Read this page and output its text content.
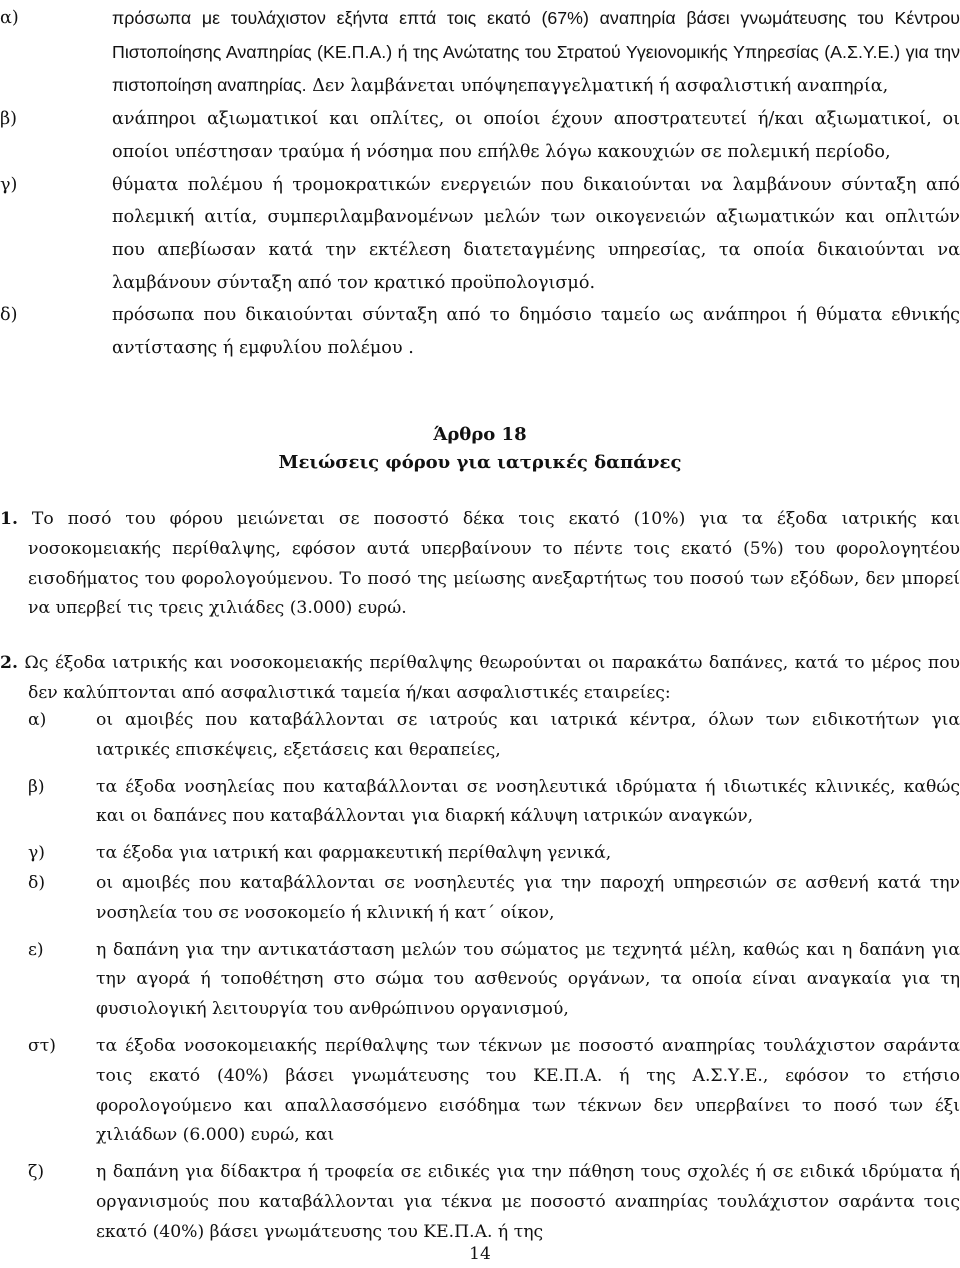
α)	πρόσωπα με τουλάχιστον εξήντα επτά τοις εκατό (67%) αναπηρία βάσει γνωμάτευσης του Κέντρου Πιστοποίησης Αναπηρίας (ΚΕ.Π.Α.) ή της Ανώτατης του Στρατού Υγειονομικής Υπηρεσίας (Α.Σ.Υ.Ε.) για την πιστοποίηση αναπηρίας. Δεν λαμβάνεται υπόψηεπαγγελματική ή ασφαλιστική αναπηρία,
β)	ανάπηροι αξιωματικοί και οπλίτες, οι οποίοι έχουν αποστρατευτεί ή/και αξιωματικοί, οι οποίοι υπέστησαν τραύμα ή νόσημα που επήλθε λόγω κακουχιών σε πολεμική περίοδο,
γ)	θύματα πολέμου ή τρομοκρατικών ενεργειών που δικαιούνται να λαμβάνουν σύνταξη από πολεμική αιτία, συμπεριλαμβανομένων μελών των οικογενειών αξιωματικών και οπλιτών που απεβίωσαν κατά την εκτέλεση διατεταγμένης υπηρεσίας, τα οποία δικαιούνται να λαμβάνουν σύνταξη από τον κρατικό προϋπολογισμό.
δ)	πρόσωπα που δικαιούνται σύνταξη από το δημόσιο ταμείο ως ανάπηροι ή θύματα εθνικής αντίστασης ή εμφυλίου πολέμου .
Άρθρο 18
Μειώσεις φόρου για ιατρικές δαπάνες
1. Το ποσό του φόρου μειώνεται σε ποσοστό δέκα τοις εκατό (10%) για τα έξοδα ιατρικής και νοσοκομειακής περίθαλψης, εφόσον αυτά υπερβαίνουν το πέντε τοις εκατό (5%) του φορολογητέου εισοδήματος του φορολογούμενου. Το ποσό της μείωσης ανεξαρτήτως του ποσού των εξόδων, δεν μπορεί να υπερβεί τις τρεις χιλιάδες (3.000) ευρώ.
2. Ως έξοδα ιατρικής και νοσοκομειακής περίθαλψης θεωρούνται οι παρακάτω δαπάνες, κατά το μέρος που δεν καλύπτονται από ασφαλιστικά ταμεία ή/και ασφαλιστικές εταιρείες:
α)	οι αμοιβές που καταβάλλονται σε ιατρούς και ιατρικά κέντρα, όλων των ειδικοτήτων για ιατρικές επισκέψεις, εξετάσεις και θεραπείες,
β)	τα έξοδα νοσηλείας που καταβάλλονται σε νοσηλευτικά ιδρύματα ή ιδιωτικές κλινικές, καθώς και οι δαπάνες που καταβάλλονται για διαρκή κάλυψη ιατρικών αναγκών,
γ)	τα έξοδα για ιατρική και φαρμακευτική περίθαλψη γενικά,
δ)	οι αμοιβές που καταβάλλονται σε νοσηλευτές για την παροχή υπηρεσιών σε ασθενή κατά την νοσηλεία του σε νοσοκομείο ή κλινική ή κατ΄ οίκον,
ε)	η δαπάνη για την αντικατάσταση μελών του σώματος με τεχνητά μέλη, καθώς και η δαπάνη για την αγορά ή τοποθέτηση στο σώμα του ασθενούς οργάνων, τα οποία είναι αναγκαία για τη φυσιολογική λειτουργία του ανθρώπινου οργανισμού,
στ) τα έξοδα νοσοκομειακής περίθαλψης των τέκνων με ποσοστό αναπηρίας τουλάχιστον σαράντα τοις εκατό (40%) βάσει γνωμάτευσης του ΚΕ.Π.Α. ή της Α.Σ.Υ.Ε., εφόσον το ετήσιο φορολογούμενο και απαλλασσόμενο εισόδημα των τέκνων δεν υπερβαίνει το ποσό των έξι χιλιάδων (6.000) ευρώ, και
ζ)	η δαπάνη για δίδακτρα ή τροφεία σε ειδικές για την πάθηση τους σχολές ή σε ειδικά ιδρύματα ή οργανισμούς που καταβάλλονται για τέκνα με ποσοστό αναπηρίας τουλάχιστον σαράντα τοις εκατό (40%) βάσει γνωμάτευσης του ΚΕ.Π.Α. ή της
14
